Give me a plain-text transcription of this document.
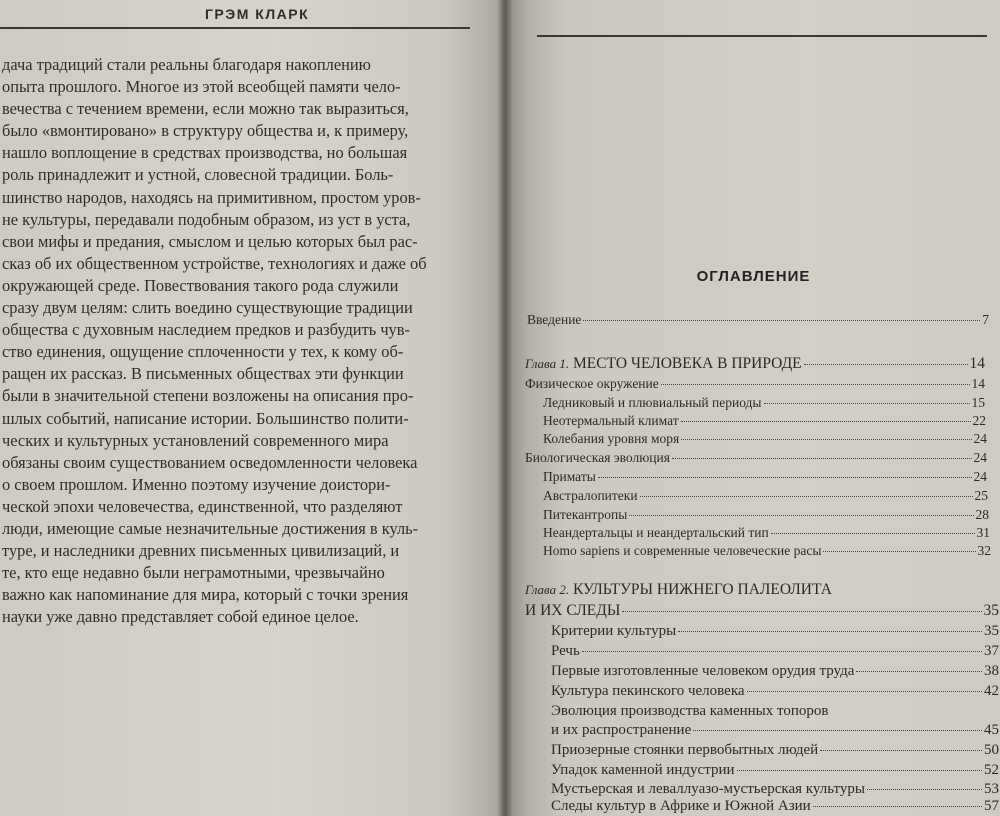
ГРЭМ КЛАРК
дача традиций стали реальны благодаря накоплению
опыта прошлого. Многое из этой всеобщей памяти чело-
вечества с течением времени, если можно так выразиться,
было «вмонтировано» в структуру общества и, к примеру,
нашло воплощение в средствах производства, но большая
роль принадлежит и устной, словесной традиции. Боль-
шинство народов, находясь на примитивном, простом уров-
не культуры, передавали подобным образом, из уст в уста,
свои мифы и предания, смыслом и целью которых был рас-
сказ об их общественном устройстве, технологиях и даже об
окружающей среде. Повествования такого рода служили
сразу двум целям: слить воедино существующие традиции
общества с духовным наследием предков и разбудить чув-
ство единения, ощущение сплоченности у тех, к кому об-
ращен их рассказ. В письменных обществах эти функции
были в значительной степени возложены на описания про-
шлых событий, написание истории. Большинство полити-
ческих и культурных установлений современного мира
обязаны своим существованием осведомленности человека
о своем прошлом. Именно поэтому изучение доистори-
ческой эпохи человечества, единственной, что разделяют
люди, имеющие самые незначительные достижения в куль-
туре, и наследники древних письменных цивилизаций, и
те, кто еще недавно были неграмотными, чрезвычайно
важно как напоминание для мира, который с точки зрения
науки уже давно представляет собой единое целое.
ОГЛАВЛЕНИЕ
Введение	7
Глава 1. МЕСТО ЧЕЛОВЕКА В ПРИРОДЕ	14
Физическое окружение	14
Ледниковый и плювиальный периоды	15
Неотермальный климат	22
Колебания уровня моря	24
Биологическая эволюция	24
Приматы	24
Австралопитеки	25
Питекантропы	28
Неандертальцы и неандертальский тип	31
Homo sapiens и современные человеческие расы	32
Глава 2. КУЛЬТУРЫ НИЖНЕГО ПАЛЕОЛИТА
И ИХ СЛЕДЫ	35
Критерии культуры	35
Речь	37
Первые изготовленные человеком орудия труда	38
Культура пекинского человека	42
Эволюция производства каменных топоров
и их распространение	45
Приозерные стоянки первобытных людей	50
Упадок каменной индустрии	52
Мустьерская и леваллуазо-мустьерская культуры	53
Следы культур в Африке и Южной Азии	57
